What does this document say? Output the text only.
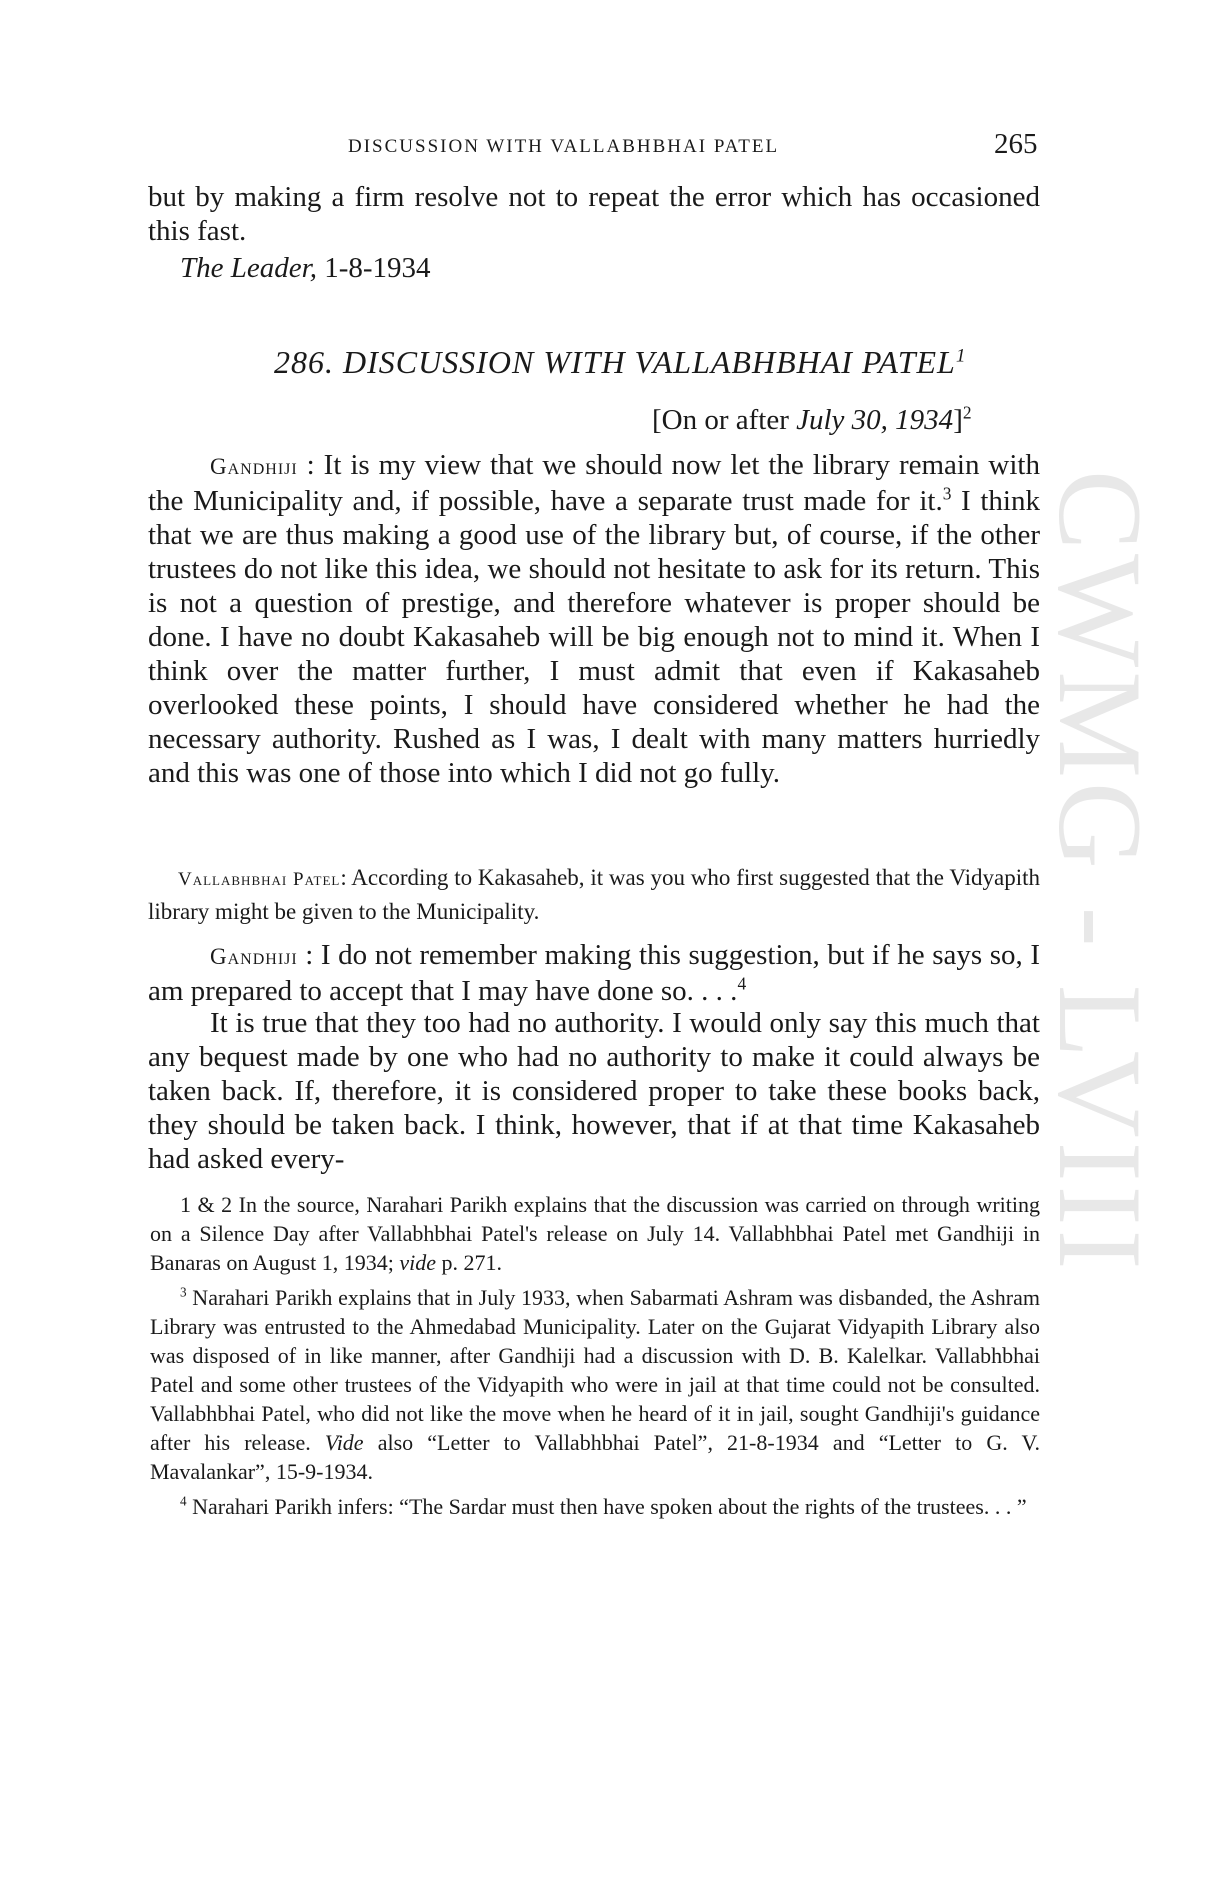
CWMG - LVIII
DISCUSSION WITH VALLABHBHAI PATEL	265
but by making a firm resolve not to repeat the error which has occasioned this fast.
The Leader, 1-8-1934
286. DISCUSSION WITH VALLABHBHAI PATEL$^1$
[On or after July 30, 1934]$^2$
Gandhiji : It is my view that we should now let the library remain with the Municipality and, if possible, have a separate trust made for it.$^3$ I think that we are thus making a good use of the library but, of course, if the other trustees do not like this idea, we should not hesitate to ask for its return. This is not a question of prestige, and therefore whatever is proper should be done. I have no doubt Kakasaheb will be big enough not to mind it. When I think over the matter further, I must admit that even if Kakasaheb overlooked these points, I should have considered whether he had the necessary authority. Rushed as I was, I dealt with many matters hurriedly and this was one of those into which I did not go fully.
Vallabhbhai Patel: According to Kakasaheb, it was you who first suggested that the Vidyapith library might be given to the Municipality.
Gandhiji : I do not remember making this suggestion, but if he says so, I am prepared to accept that I may have done so. . . .$^4$
It is true that they too had no authority. I would only say this much that any bequest made by one who had no authority to make it could always be taken back. If, therefore, it is considered proper to take these books back, they should be taken back. I think, however, that if at that time Kakasaheb had asked every-

1 & 2 In the source, Narahari Parikh explains that the discussion was carried on through writing on a Silence Day after Vallabhbhai Patel's release on July 14. Vallabhbhai Patel met Gandhiji in Banaras on August 1, 1934; vide p. 271.

$^3$ Narahari Parikh explains that in July 1933, when Sabarmati Ashram was disbanded, the Ashram Library was entrusted to the Ahmedabad Municipality. Later on the Gujarat Vidyapith Library also was disposed of in like manner, after Gandhiji had a discussion with D. B. Kalelkar. Vallabhbhai Patel and some other trustees of the Vidyapith who were in jail at that time could not be consulted. Vallabhbhai Patel, who did not like the move when he heard of it in jail, sought Gandhiji's guidance after his release. Vide also “Letter to Vallabhbhai Patel”, 21-8-1934 and “Letter to G. V. Mavalankar”, 15-9-1934.

$^4$ Narahari Parikh infers: “The Sardar must then have spoken about the rights of the trustees. . . ”
